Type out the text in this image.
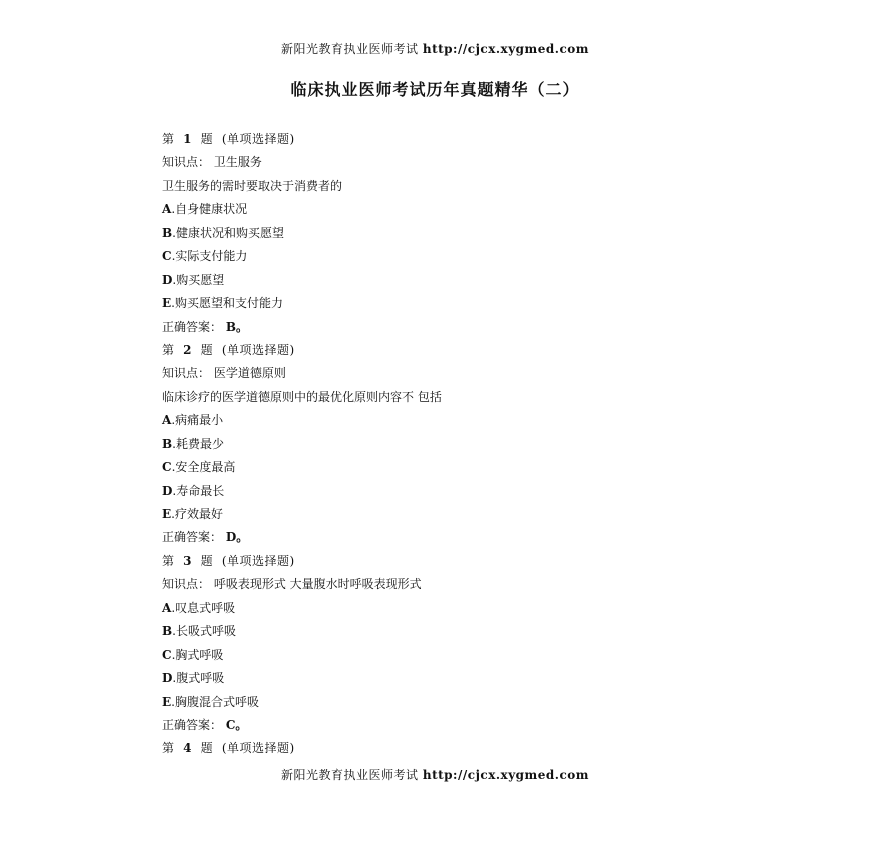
新阳光教育执业医师考试 http://cjcx.xygmed.com
临床执业医师考试历年真题精华（二）
第 1 题 (单项选择题)
知识点： 卫生服务
卫生服务的需时要取决于消费者的
A.自身健康状况
B.健康状况和购买愿望
C.实际支付能力
D.购买愿望
E.购买愿望和支付能力
正确答案： B。
第 2 题 (单项选择题)
知识点： 医学道德原则
临床诊疗的医学道德原则中的最优化原则内容不 包括
A.病痛最小
B.耗费最少
C.安全度最高
D.寿命最长
E.疗效最好
正确答案： D。
第 3 题 (单项选择题)
知识点： 呼吸表现形式 大量腹水时呼吸表现形式
A.叹息式呼吸
B.长吸式呼吸
C.胸式呼吸
D.腹式呼吸
E.胸腹混合式呼吸
正确答案： C。
第 4 题 (单项选择题)
新阳光教育执业医师考试 http://cjcx.xygmed.com
